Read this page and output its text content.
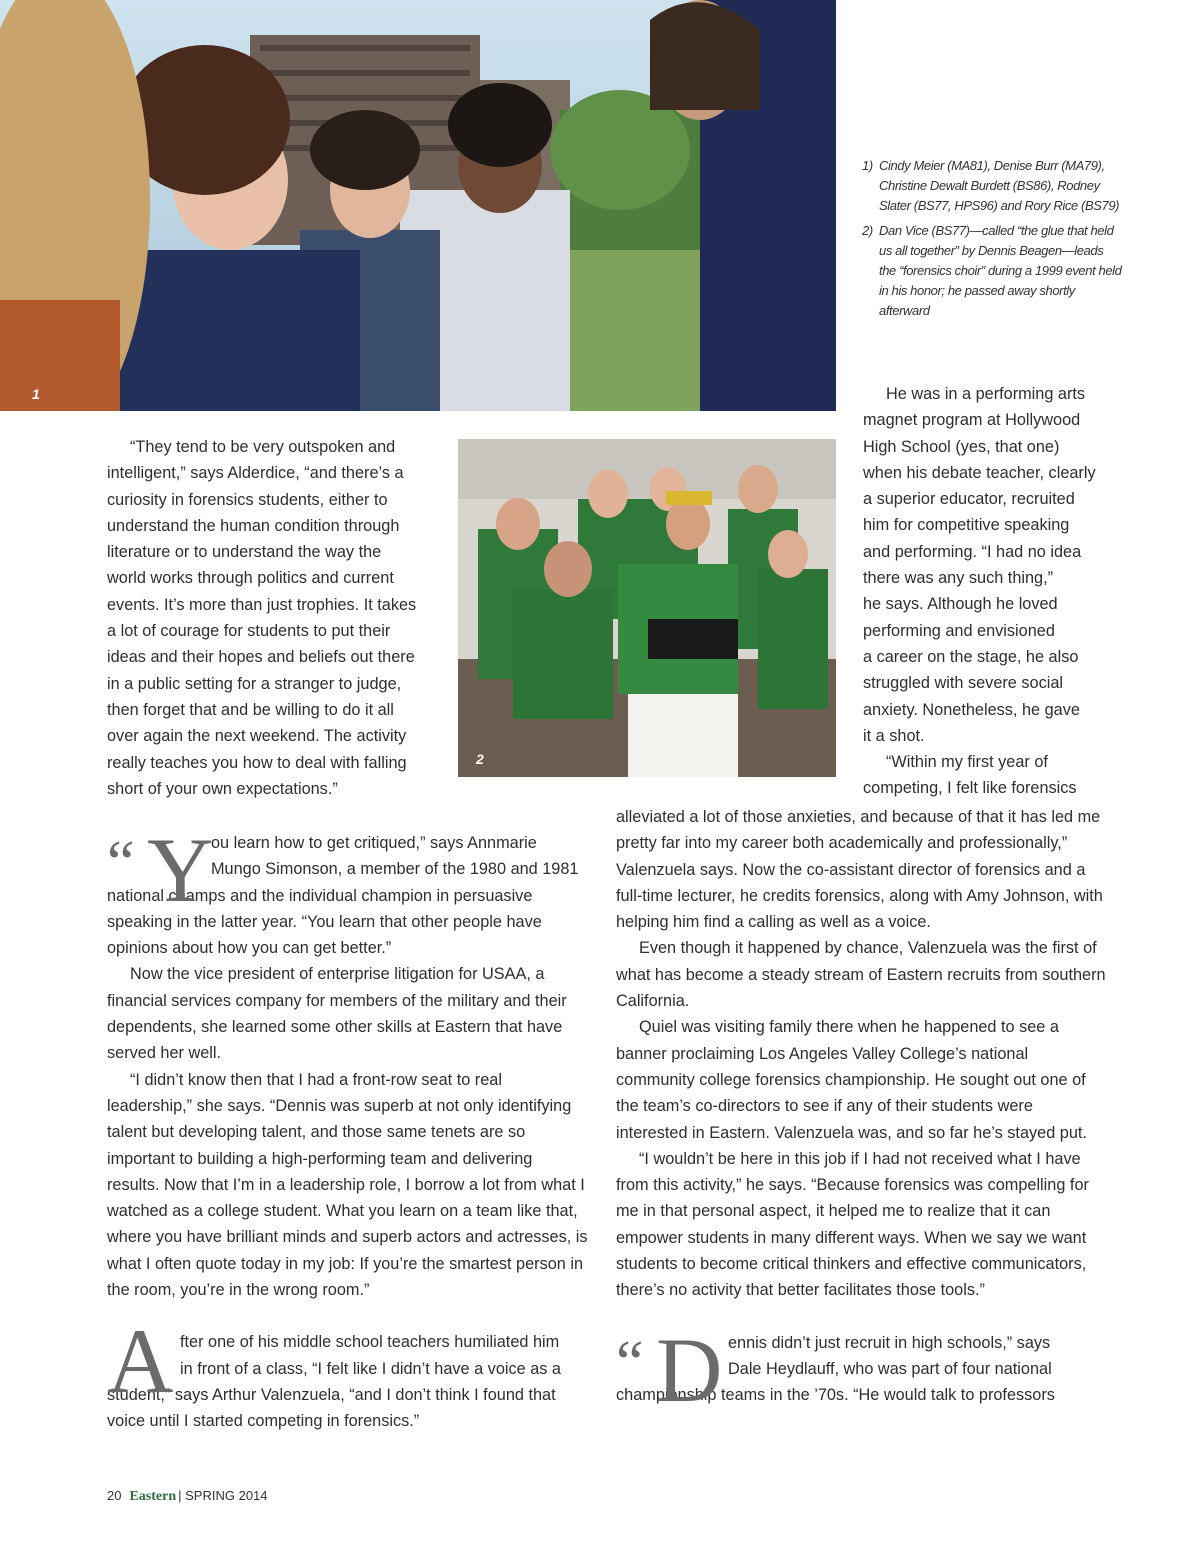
1
1) Cindy Meier (MA81), Denise Burr (MA79), Christine Dewalt Burdett (BS86), Rodney Slater (BS77, HPS96) and Rory Rice (BS79)
2) Dan Vice (BS77)—called “the glue that held us all together” by Dennis Beagen—leads the “forensics choir” during a 1999 event held in his honor; he passed away shortly afterward
He was in a performing arts
magnet program at Hollywood
High School (yes, that one)
when his debate teacher, clearly
a superior educator, recruited
him for competitive speaking
and performing. “I had no idea
there was any such thing,”
he says. Although he loved
performing and envisioned
a career on the stage, he also
struggled with severe social
anxiety. Nonetheless, he gave
it a shot.
“Within my first year of
competing, I felt like forensics
2
“They tend to be very outspoken and
intelligent,” says Alderdice, “and there’s a
curiosity in forensics students, either to
understand the human condition through
literature or to understand the way the
world works through politics and current
events. It’s more than just trophies. It takes
a lot of courage for students to put their
ideas and their hopes and beliefs out there
in a public setting for a stranger to judge,
then forget that and be willing to do it all
over again the next weekend. The activity
really teaches you how to deal with falling
short of your own expectations.”
“ Y
ou learn how to get critiqued,” says Annmarie
Mungo Simonson, a member of the 1980 and 1981

national champs and the individual champion in persuasive speaking in the latter year. “You learn that other people have opinions about how you can get better.”

Now the vice president of enterprise litigation for USAA, a financial services company for members of the military and their dependents, she learned some other skills at Eastern that have served her well.

“I didn’t know then that I had a front-row seat to real leadership,” she says. “Dennis was superb at not only identifying talent but developing talent, and those same tenets are so important to building a high-performing team and delivering results. Now that I’m in a leadership role, I borrow a lot from what I watched as a college student. What you learn on a team like that, where you have brilliant minds and superb actors and actresses, is what I often quote today in my job: If you’re the smartest person in the room, you’re in the wrong room.”

A fter one of his middle school teachers humiliated him
in front of a class, “I felt like I didn’t have a voice as a

student,” says Arthur Valenzuela, “and I don’t think I found that voice until I started competing in forensics.”

alleviated a lot of those anxieties, and because of that it has led me pretty far into my career both academically and professionally,” Valenzuela says. Now the co-assistant director of forensics and a full-time lecturer, he credits forensics, along with Amy Johnson, with helping him find a calling as well as a voice.

Even though it happened by chance, Valenzuela was the first of what has become a steady stream of Eastern recruits from southern California.

Quiel was visiting family there when he happened to see a banner proclaiming Los Angeles Valley College’s national community college forensics championship. He sought out one of the team’s co-directors to see if any of their students were interested in Eastern. Valenzuela was, and so far he’s stayed put.

“I wouldn’t be here in this job if I had not received what I have from this activity,” he says. “Because forensics was compelling for me in that personal aspect, it helped me to realize that it can empower students in many different ways. When we say we want students to become critical thinkers and effective communicators, there’s no activity that better facilitates those tools.”

“ D ennis didn’t just recruit in high schools,” says
Dale Heydlauff, who was part of four national

championship teams in the ’70s. “He would talk to professors

20 Eastern | SPRING 2014
